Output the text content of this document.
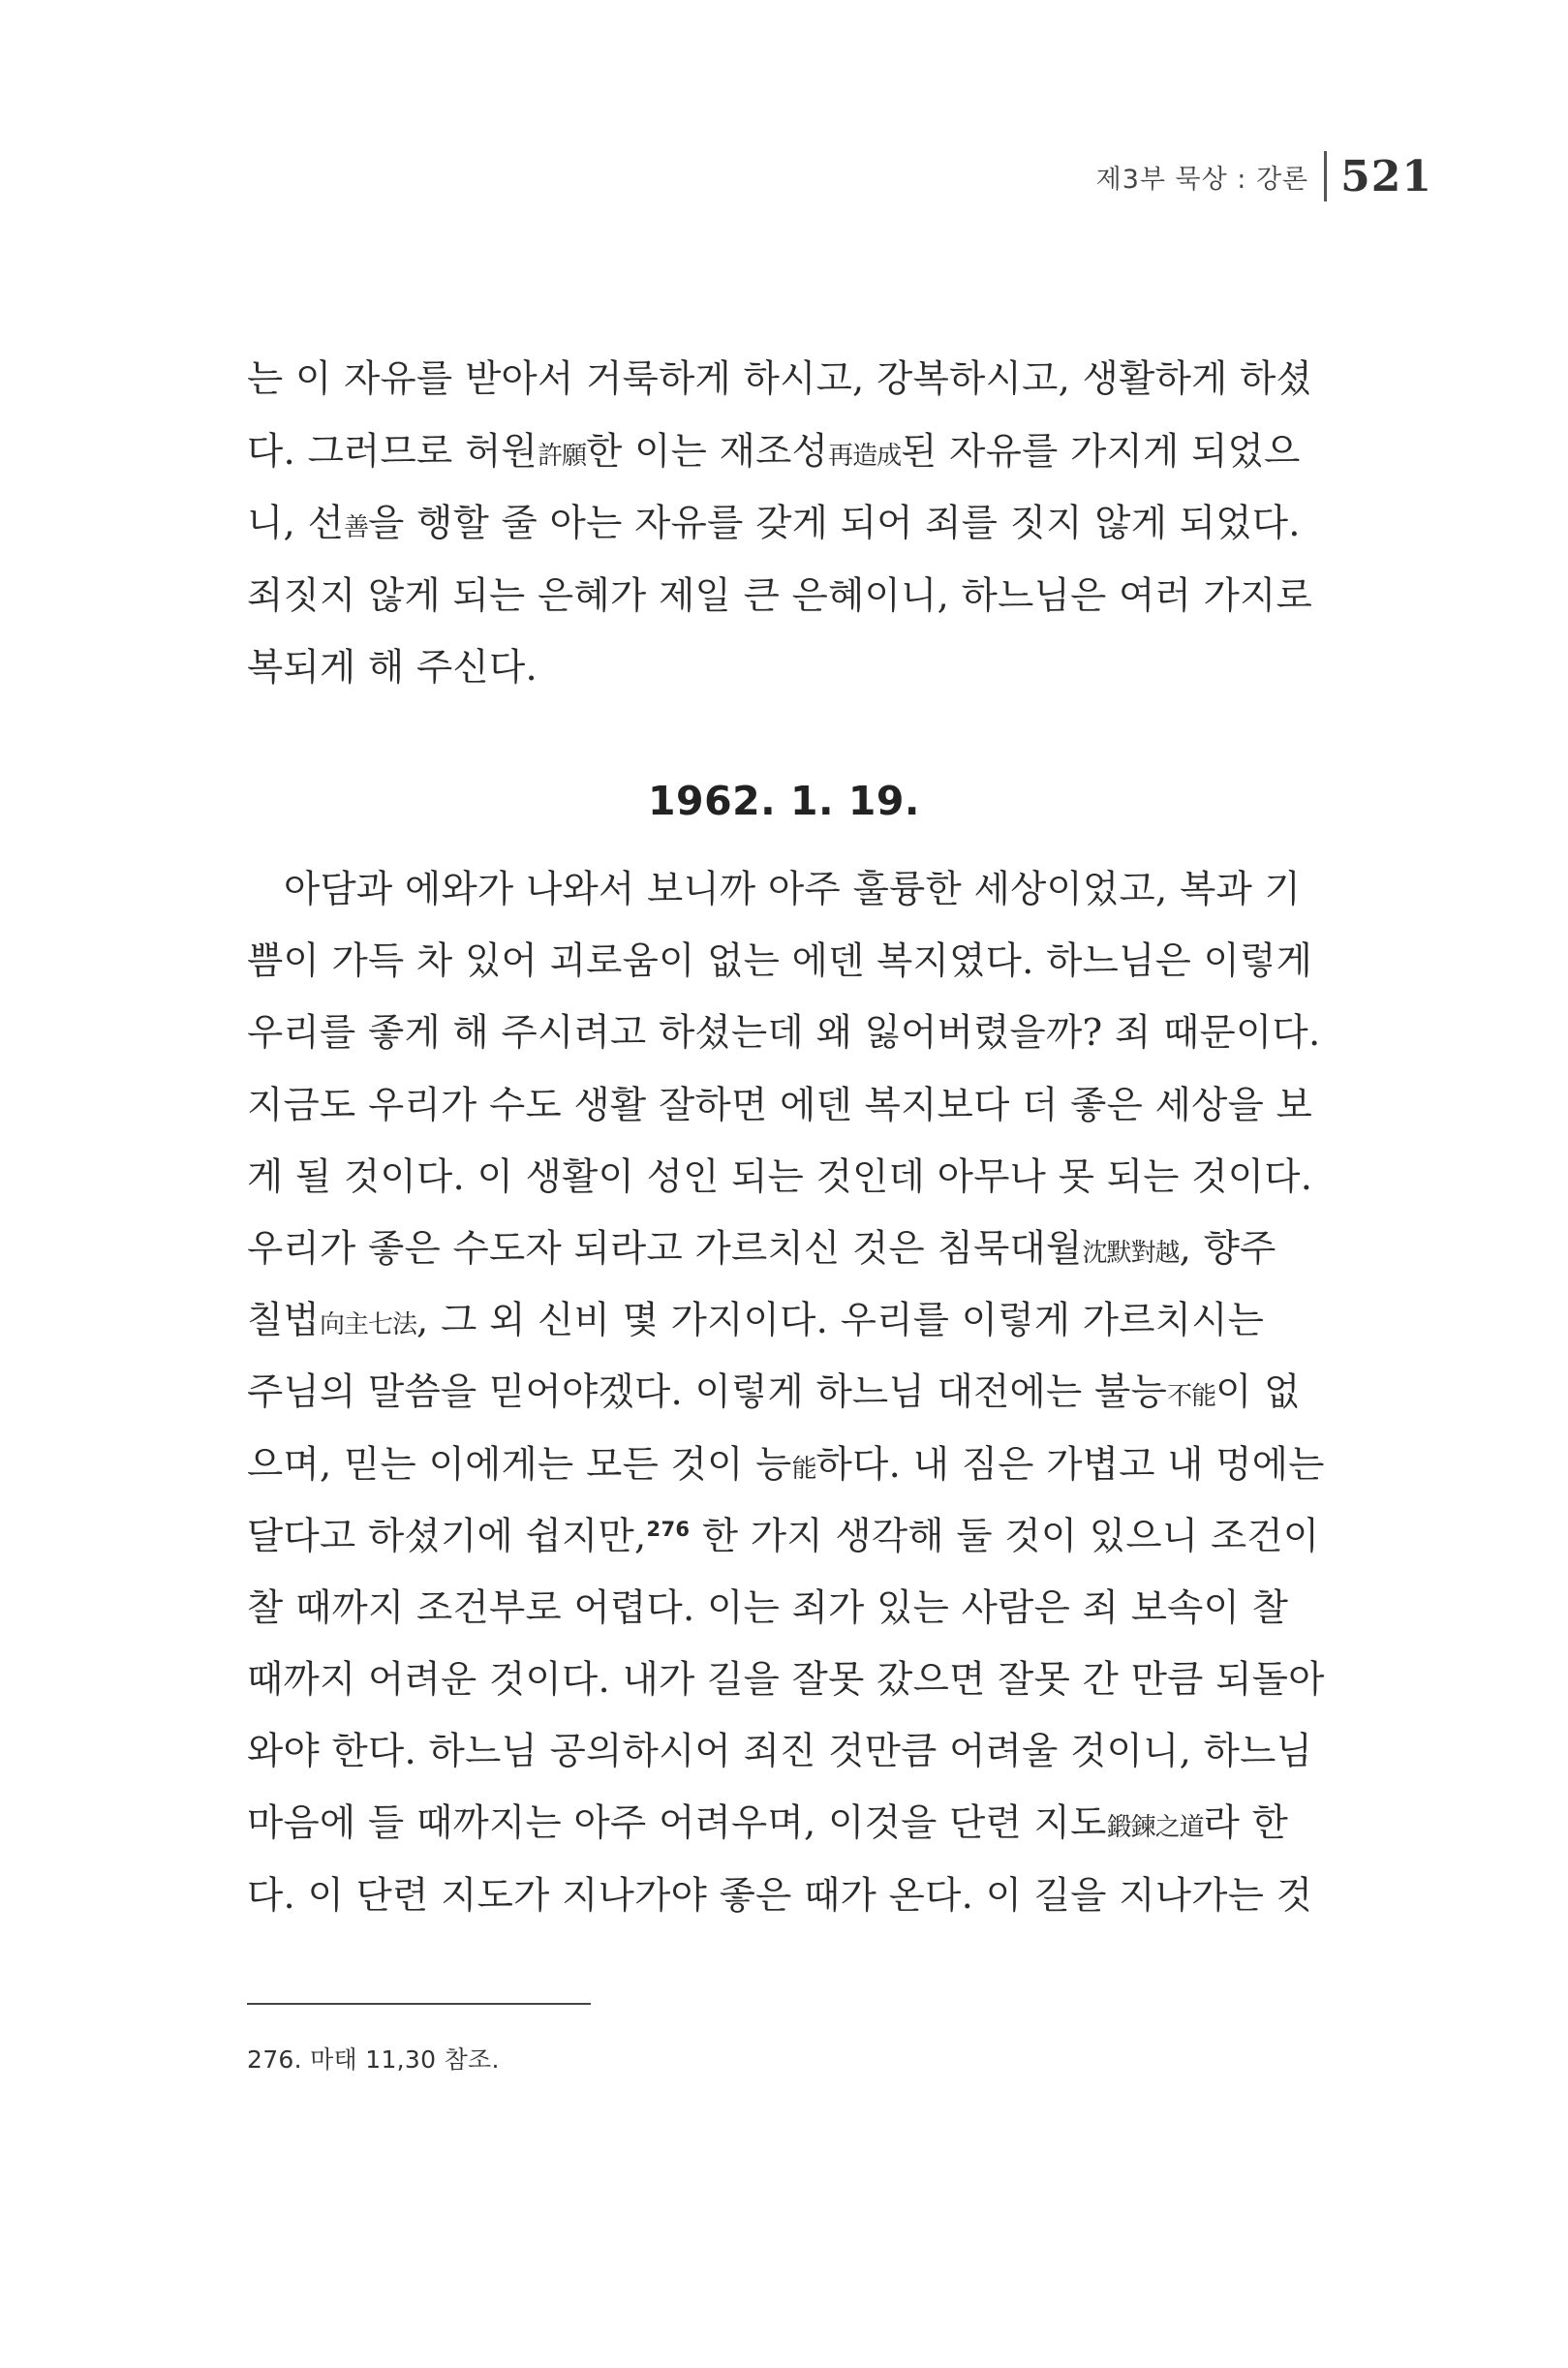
제3부 묵상 : 강론 521
는 이 자유를 받아서 거룩하게 하시고, 강복하시고, 생활하게 하셨
다. 그러므로 허원許願한 이는 재조성再造成된 자유를 가지게 되었으
니, 선善을 행할 줄 아는 자유를 갖게 되어 죄를 짓지 않게 되었다.
죄짓지 않게 되는 은혜가 제일 큰 은혜이니, 하느님은 여러 가지로
복되게 해 주신다.
1962. 1. 19.
아담과 에와가 나와서 보니까 아주 훌륭한 세상이었고, 복과 기
쁨이 가득 차 있어 괴로움이 없는 에덴 복지였다. 하느님은 이렇게
우리를 좋게 해 주시려고 하셨는데 왜 잃어버렸을까? 죄 때문이다.
지금도 우리가 수도 생활 잘하면 에덴 복지보다 더 좋은 세상을 보
게 될 것이다. 이 생활이 성인 되는 것인데 아무나 못 되는 것이다.
우리가 좋은 수도자 되라고 가르치신 것은 침묵대월沈默對越, 향주
칠법向主七法, 그 외 신비 몇 가지이다. 우리를 이렇게 가르치시는
주님의 말씀을 믿어야겠다. 이렇게 하느님 대전에는 불능不能이 없
으며, 믿는 이에게는 모든 것이 능能하다. 내 짐은 가볍고 내 멍에는
달다고 하셨기에 쉽지만,$^{276}$ 한 가지 생각해 둘 것이 있으니 조건이
찰 때까지 조건부로 어렵다. 이는 죄가 있는 사람은 죄 보속이 찰
때까지 어려운 것이다. 내가 길을 잘못 갔으면 잘못 간 만큼 되돌아
와야 한다. 하느님 공의하시어 죄진 것만큼 어려울 것이니, 하느님
마음에 들 때까지는 아주 어려우며, 이것을 단련 지도鍛鍊之道라 한
다. 이 단련 지도가 지나가야 좋은 때가 온다. 이 길을 지나가는 것
276. 마태 11,30 참조.
